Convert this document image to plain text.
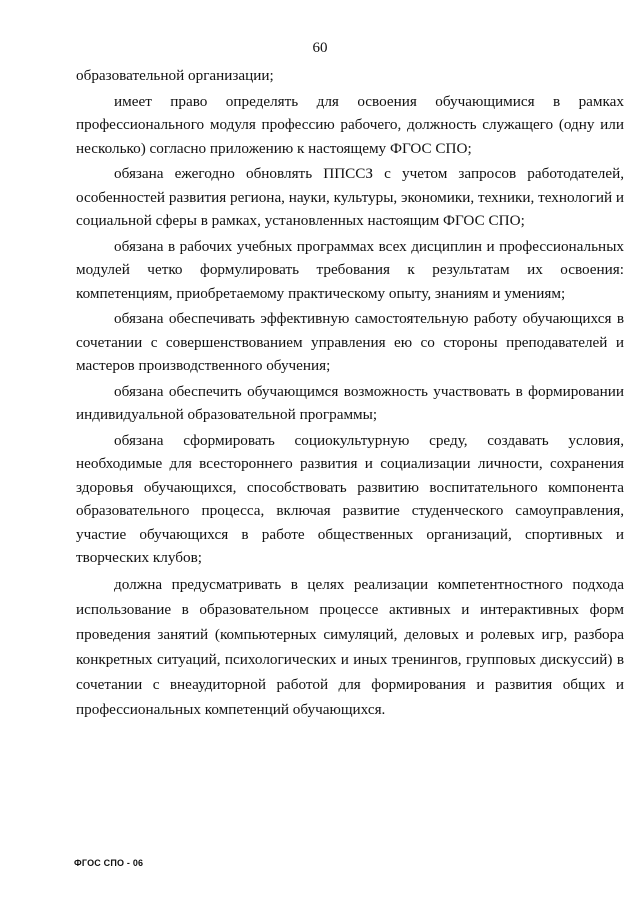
60

образовательной организации;

имеет право определять для освоения обучающимися в рамках профессионального модуля профессию рабочего, должность служащего (одну или несколько) согласно приложению к настоящему ФГОС СПО;

обязана ежегодно обновлять ППССЗ с учетом запросов работодателей, особенностей развития региона, науки, культуры, экономики, техники, технологий и социальной сферы в рамках, установленных настоящим ФГОС СПО;

обязана в рабочих учебных программах всех дисциплин и профессиональных модулей четко формулировать требования к результатам их освоения: компетенциям, приобретаемому практическому опыту, знаниям и умениям;

обязана обеспечивать эффективную самостоятельную работу обучающихся в сочетании с совершенствованием управления ею со стороны преподавателей и мастеров производственного обучения;

обязана обеспечить обучающимся возможность участвовать в формировании индивидуальной образовательной программы;

обязана сформировать социокультурную среду, создавать условия, необходимые для всестороннего развития и социализации личности, сохранения здоровья обучающихся, способствовать развитию воспитательного компонента образовательного процесса, включая развитие студенческого самоуправления, участие обучающихся в работе общественных организаций, спортивных и творческих клубов;

должна предусматривать в целях реализации компетентностного подхода использование в образовательном процессе активных и интерактивных форм проведения занятий (компьютерных симуляций, деловых и ролевых игр, разбора конкретных ситуаций, психологических и иных тренингов, групповых дискуссий) в сочетании с внеаудиторной работой для формирования и развития общих и профессиональных компетенций обучающихся.

ФГОС СПО - 06
